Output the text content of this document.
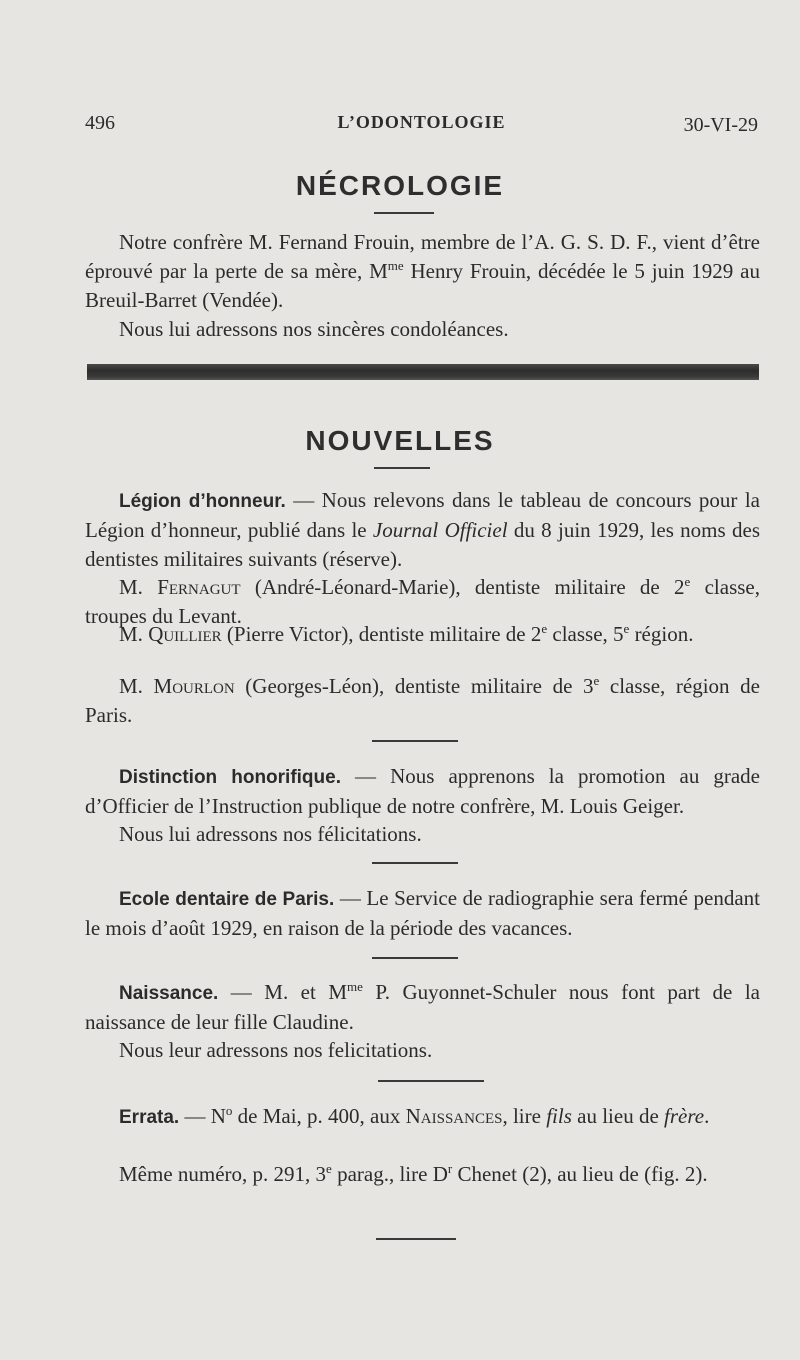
496	L’ODONTOLOGIE	30-VI-29
NÉCROLOGIE

Notre confrère M. Fernand Frouin, membre de l’A. G. S. D. F., vient d’être éprouvé par la perte de sa mère, $M^{me}$ Henry Frouin, décédée le 5 juin 1929 au Breuil-Barret (Vendée).

Nous lui adressons nos sincères condoléances.

NOUVELLES

Légion d’honneur. — Nous relevons dans le tableau de concours pour la Légion d’honneur, publié dans le Journal Officiel du 8 juin 1929, les noms des dentistes militaires suivants (réserve).

M. Fernagut (André-Léonard-Marie), dentiste militaire de 2e classe, troupes du Levant.

M. Quillier (Pierre Victor), dentiste militaire de 2e classe, 5e région.

M. Mourlon (Georges-Léon), dentiste militaire de 3e classe, région de Paris.

Distinction honorifique. — Nous apprenons la promotion au grade d’Officier de l’Instruction publique de notre confrère, M. Louis Geiger.

Nous lui adressons nos félicitations.

Ecole dentaire de Paris. — Le Service de radiographie sera fermé pendant le mois d’août 1929, en raison de la période des vacances.

Naissance. — M. et $M^{me}$ P. Guyonnet-Schuler nous font part de la naissance de leur fille Claudine.

Nous leur adressons nos felicitations.

Errata. — $N^o$ de Mai, p. 400, aux Naissances, lire fils au lieu de frère.

Même numéro, p. 291, 3e parag., lire $D^r$ Chenet (2), au lieu de (fig. 2).
